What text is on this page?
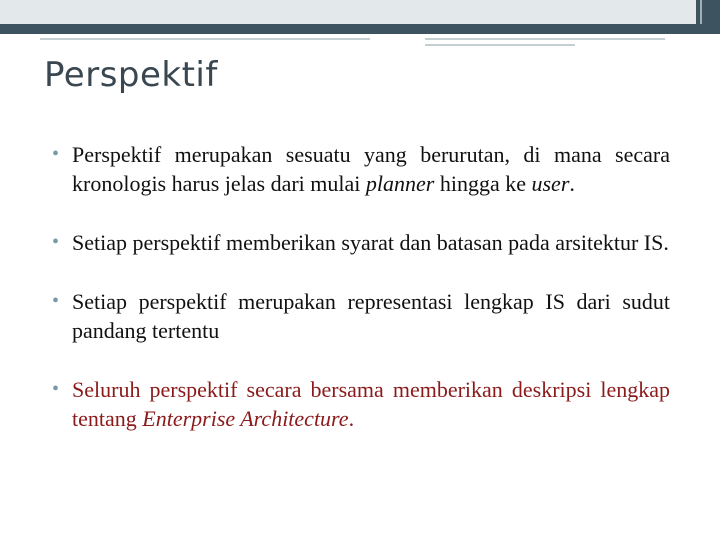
Perspektif
• Perspektif merupakan sesuatu yang berurutan, di mana secara kronologis harus jelas dari mulai planner hingga ke user.
• Setiap perspektif memberikan syarat dan batasan pada arsitektur IS.
• Setiap perspektif merupakan representasi lengkap IS dari sudut pandang tertentu
• Seluruh perspektif secara bersama memberikan deskripsi lengkap tentang Enterprise Architecture.
